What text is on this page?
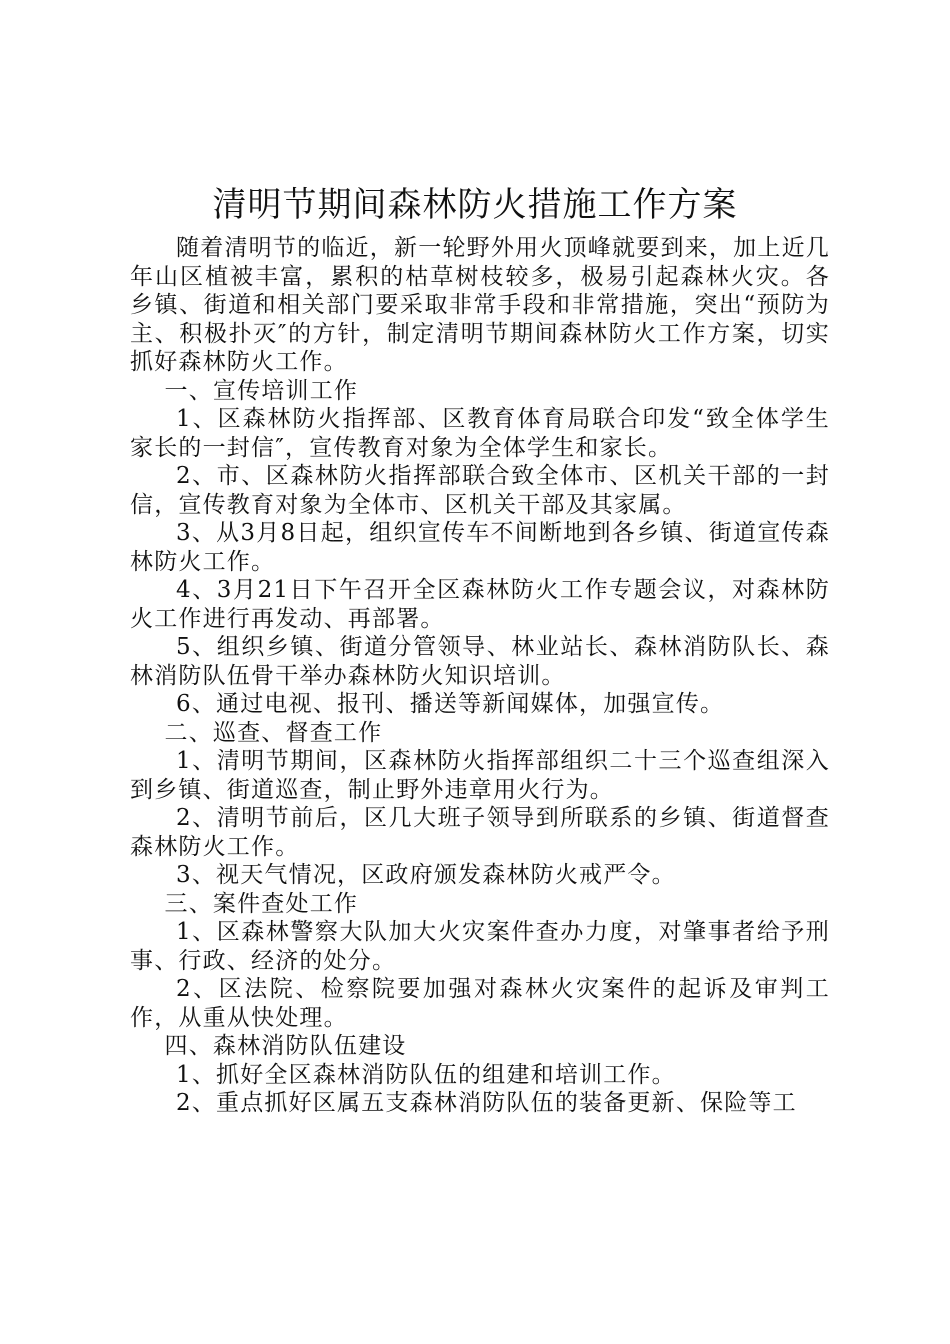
清明节期间森林防火措施工作方案

随着清明节的临近，新一轮野外用火顶峰就要到来，加上近几年山区植被丰富，累积的枯草树枝较多，极易引起森林火灾。各乡镇、街道和相关部门要采取非常手段和非常措施，突出“预防为主、积极扑灭″的方针，制定清明节期间森林防火工作方案，切实抓好森林防火工作。

一、宣传培训工作

1、区森林防火指挥部、区教育体育局联合印发“致全体学生家长的一封信″，宣传教育对象为全体学生和家长。

2、市、区森林防火指挥部联合致全体市、区机关干部的一封信，宣传教育对象为全体市、区机关干部及其家属。

3、从3月8日起，组织宣传车不间断地到各乡镇、街道宣传森林防火工作。

4、3月21日下午召开全区森林防火工作专题会议，对森林防火工作进行再发动、再部署。

5、组织乡镇、街道分管领导、林业站长、森林消防队长、森林消防队伍骨干举办森林防火知识培训。

6、通过电视、报刊、播送等新闻媒体，加强宣传。

二、巡查、督查工作

1、清明节期间，区森林防火指挥部组织二十三个巡查组深入到乡镇、街道巡查，制止野外违章用火行为。

2、清明节前后，区几大班子领导到所联系的乡镇、街道督查森林防火工作。

3、视天气情况，区政府颁发森林防火戒严令。

三、案件查处工作

1、区森林警察大队加大火灾案件查办力度，对肇事者给予刑事、行政、经济的处分。

2、区法院、检察院要加强对森林火灾案件的起诉及审判工作，从重从快处理。

四、森林消防队伍建设

1、抓好全区森林消防队伍的组建和培训工作。

2、重点抓好区属五支森林消防队伍的装备更新、保险等工
